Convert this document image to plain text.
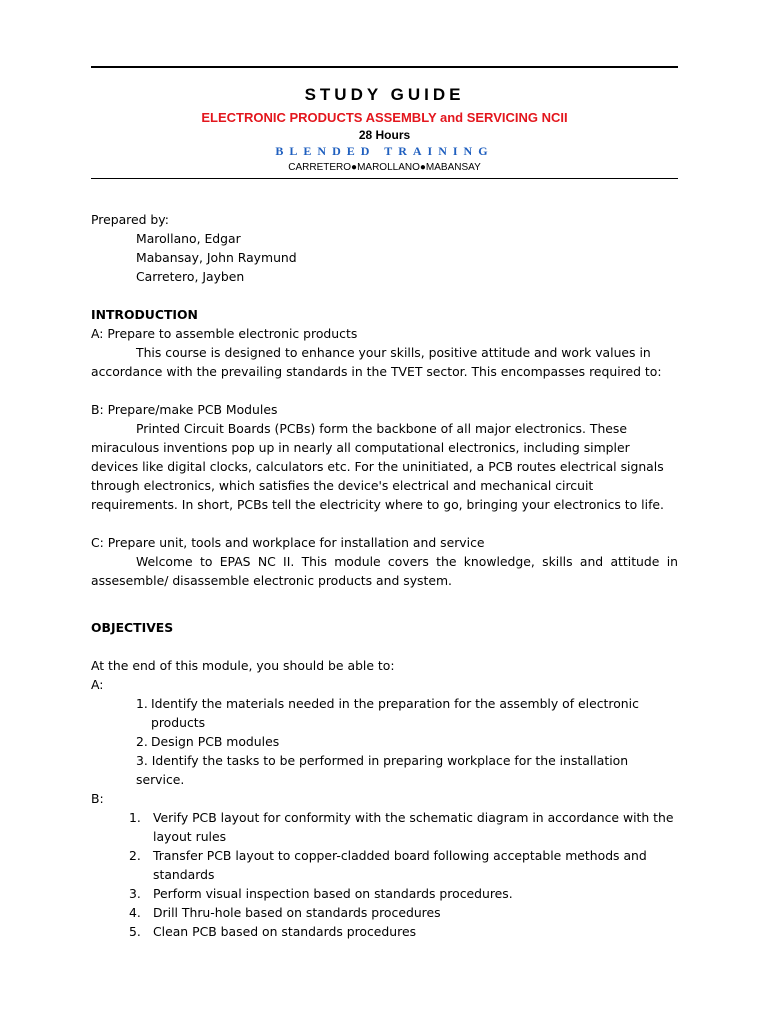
STUDY GUIDE
ELECTRONIC PRODUCTS ASSEMBLY and SERVICING NCII
28 Hours
BLENDED TRAINING
CARRETERO●MAROLLANO●MABANSAY

Prepared by:

Marollano, Edgar

Mabansay, John Raymund

Carretero, Jayben

INTRODUCTION

A: Prepare to assemble electronic products

This course is designed to enhance your skills, positive attitude and work values in accordance with the prevailing standards in the TVET sector. This encompasses required to:

B: Prepare/make PCB Modules

Printed Circuit Boards (PCBs) form the backbone of all major electronics. These miraculous inventions pop up in nearly all computational electronics, including simpler devices like digital clocks, calculators etc. For the uninitiated, a PCB routes electrical signals through electronics, which satisfies the device's electrical and mechanical circuit requirements. In short, PCBs tell the electricity where to go, bringing your electronics to life.

C: Prepare unit, tools and workplace for installation and service

Welcome to EPAS NC II. This module covers the knowledge, skills and attitude in assesemble/ disassemble electronic products and system.

OBJECTIVES

At the end of this module, you should be able to:

A:

1. Identify the materials needed in the preparation for the assembly of electronic products
2. Design PCB modules
3. Identify the tasks to be performed in preparing workplace for the installation service.

B:

1. Verify PCB layout for conformity with the schematic diagram in accordance with the layout rules
2. Transfer PCB layout to copper-cladded board following acceptable methods and standards
3. Perform visual inspection based on standards procedures.
4. Drill Thru-hole based on standards procedures
5. Clean PCB based on standards procedures
